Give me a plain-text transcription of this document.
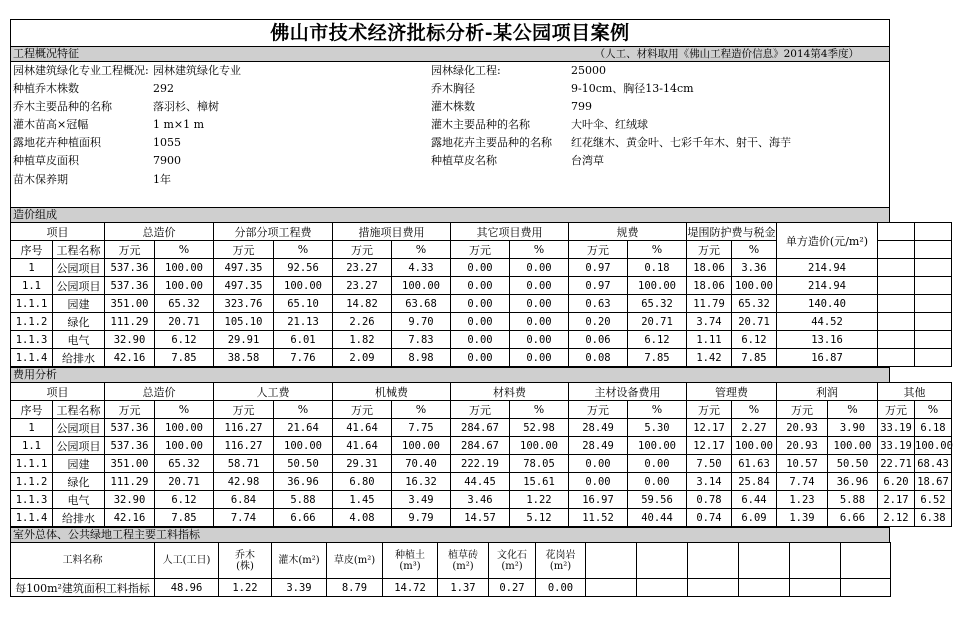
佛山市技术经济批标分析-某公园项目案例
工程概况特征	（人工、材料取用《佛山工程造价信息》2014第4季度）
园林建筑绿化专业工程概况: 园林建筑绿化专业	园林绿化工程:	25000
种植乔木株数	292	乔木胸径	9-10cm、胸径13-14cm
乔木主要品种的名称	落羽杉、樟树	灌木株数	799
灌木苗高×冠幅	1 m×1 m	灌木主要品种的名称	大叶伞、红绒球
露地花卉种植面积	1055	露地花卉主要品种的名称 红花继木、黄金叶、七彩千年木、射干、海芋
种植草皮面积	7900	种植草皮名称	台湾草
苗木保养期	1年
造价组成
项目		总造价		分部分项工程费		措施项目费用		其它项目费用		规费		堤围防护费与税金		单方造价(元/m²)		
序号	工程名称	万元	%	万元	%	万元	%	万元	%	万元	%	万元	%			
1	公园项目	537.36	100.00	497.35	92.56	23.27	4.33	0.00	0.00	0.97	0.18	18.06	3.36	214.94		
1.1	公园项目	537.36	100.00	497.35	100.00	23.27	100.00	0.00	0.00	0.97	100.00	18.06	100.00	214.94		
1.1.1	园建	351.00	65.32	323.76	65.10	14.82	63.68	0.00	0.00	0.63	65.32	11.79	65.32	140.40		
1.1.2	绿化	111.29	20.71	105.10	21.13	2.26	9.70	0.00	0.00	0.20	20.71	3.74	20.71	44.52		
1.1.3	电气	32.90	6.12	29.91	6.01	1.82	7.83	0.00	0.00	0.06	6.12	1.11	6.12	13.16		
1.1.4	给排水	42.16	7.85	38.58	7.76	2.09	8.98	0.00	0.00	0.08	7.85	1.42	7.85	16.87		
费用分析
项目		总造价		人工费		机械费		材料费		主材设备费用		管理费		利润		其他	
序号	工程名称	万元	%	万元	%	万元	%	万元	%	万元	%	万元	%	万元	%	万元	%
1	公园项目	537.36	100.00	116.27	21.64	41.64	7.75	284.67	52.98	28.49	5.30	12.17	2.27	20.93	3.90	33.19	6.18
1.1	公园项目	537.36	100.00	116.27	100.00	41.64	100.00	284.67	100.00	28.49	100.00	12.17	100.00	20.93	100.00	33.19	100.00
1.1.1	园建	351.00	65.32	58.71	50.50	29.31	70.40	222.19	78.05	0.00	0.00	7.50	61.63	10.57	50.50	22.71	68.43
1.1.2	绿化	111.29	20.71	42.98	36.96	6.80	16.32	44.45	15.61	0.00	0.00	3.14	25.84	7.74	36.96	6.20	18.67
1.1.3	电气	32.90	6.12	6.84	5.88	1.45	3.49	3.46	1.22	16.97	59.56	0.78	6.44	1.23	5.88	2.17	6.52
1.1.4	给排水	42.16	7.85	7.74	6.66	4.08	9.79	14.57	5.12	11.52	40.44	0.74	6.09	1.39	6.66	2.12	6.38
室外总体、公共绿地工程主要工料指标
工料名称	人工(工日)	乔木
(株)	灌木(m²)	草皮(m²)	种植土
(m³)	植草砖
(m²)	文化石
(m²)	花岗岩
(m²)						
每100m²建筑面积工料指标	48.96	1.22	3.39	8.79	14.72	1.37	0.27	0.00						
